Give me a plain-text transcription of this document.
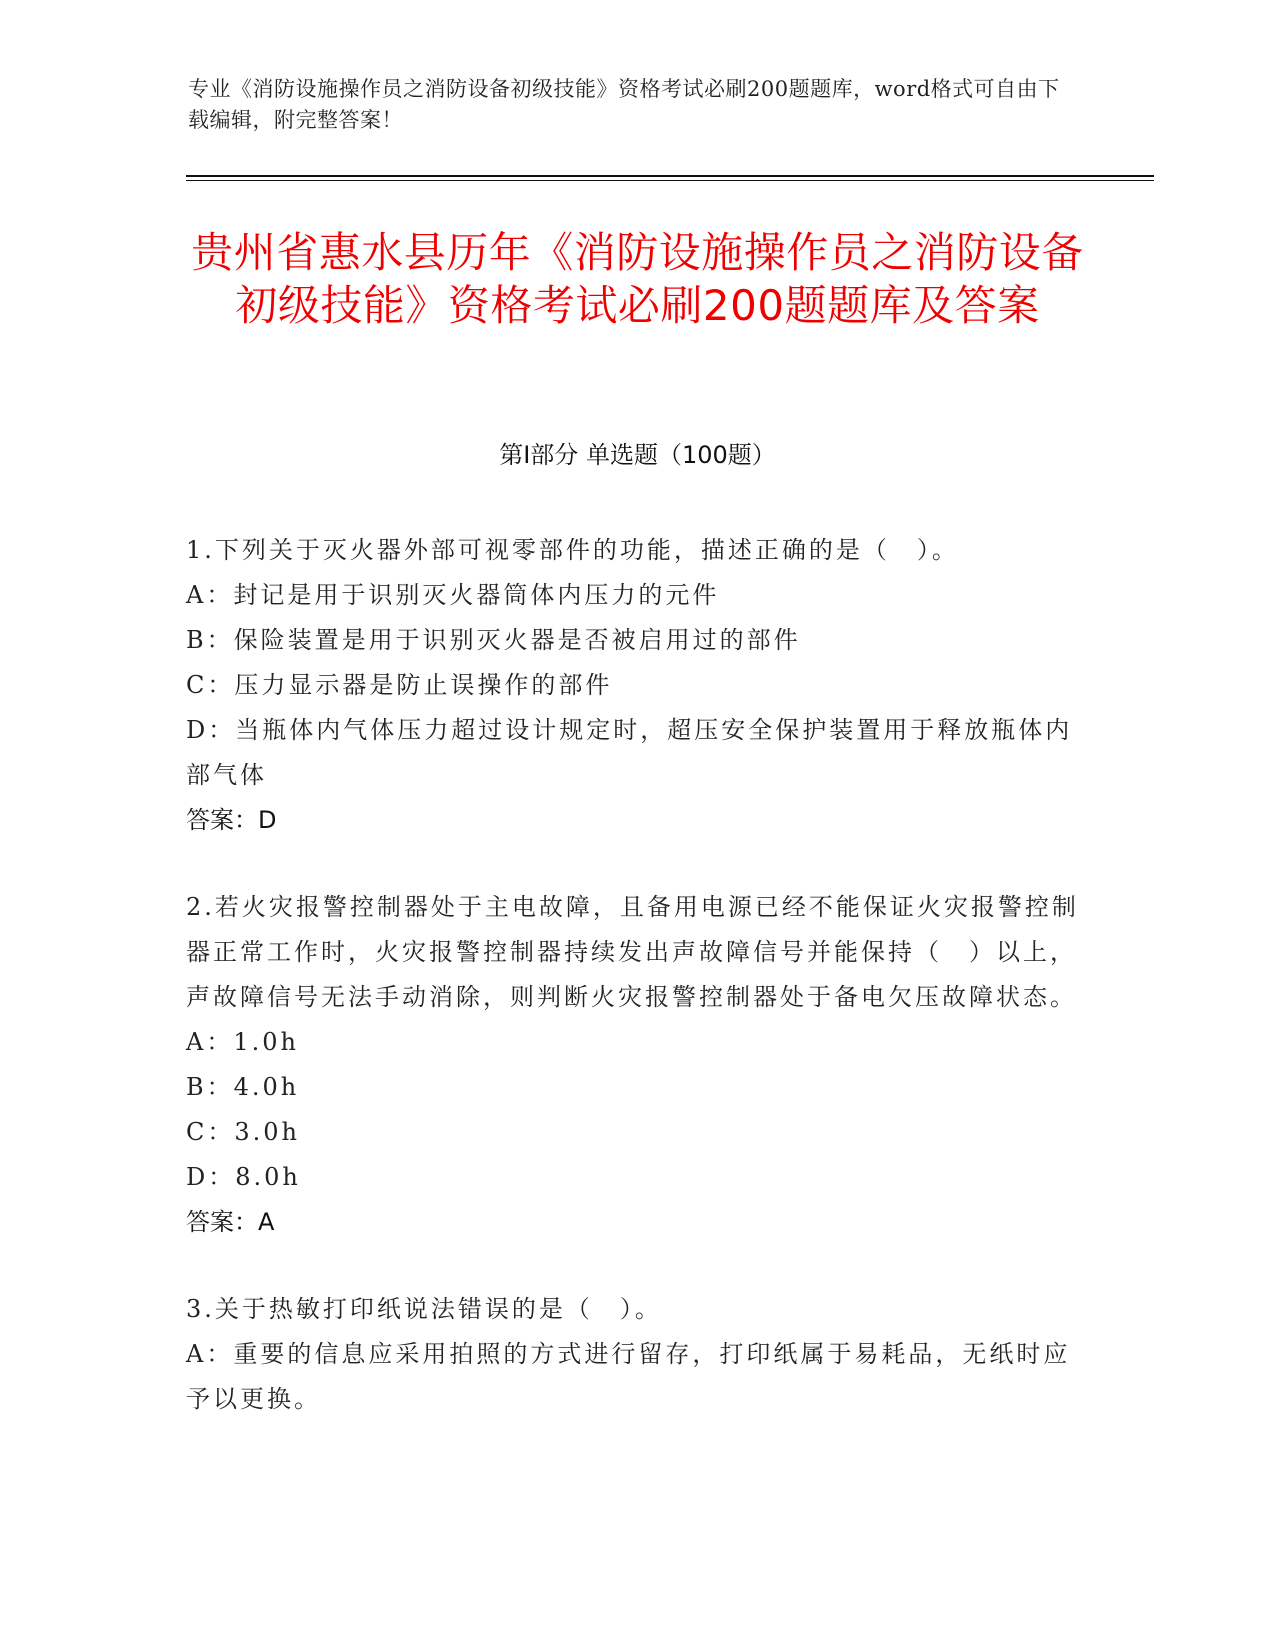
专业《消防设施操作员之消防设备初级技能》资格考试必刷200题题库，word格式可自由下载编辑，附完整答案！
贵州省惠水县历年《消防设施操作员之消防设备初级技能》资格考试必刷200题题库及答案
第Ⅰ部分 单选题（100题）
1.下列关于灭火器外部可视零部件的功能，描述正确的是（　）。
A：封记是用于识别灭火器筒体内压力的元件
B：保险装置是用于识别灭火器是否被启用过的部件
C：压力显示器是防止误操作的部件
D：当瓶体内气体压力超过设计规定时，超压安全保护装置用于释放瓶体内部气体
答案：D
2.若火灾报警控制器处于主电故障，且备用电源已经不能保证火灾报警控制器正常工作时，火灾报警控制器持续发出声故障信号并能保持（　）以上，声故障信号无法手动消除，则判断火灾报警控制器处于备电欠压故障状态。
A：1.0h
B：4.0h
C：3.0h
D：8.0h
答案：A
3.关于热敏打印纸说法错误的是（　）。
A：重要的信息应采用拍照的方式进行留存，打印纸属于易耗品，无纸时应予以更换。
